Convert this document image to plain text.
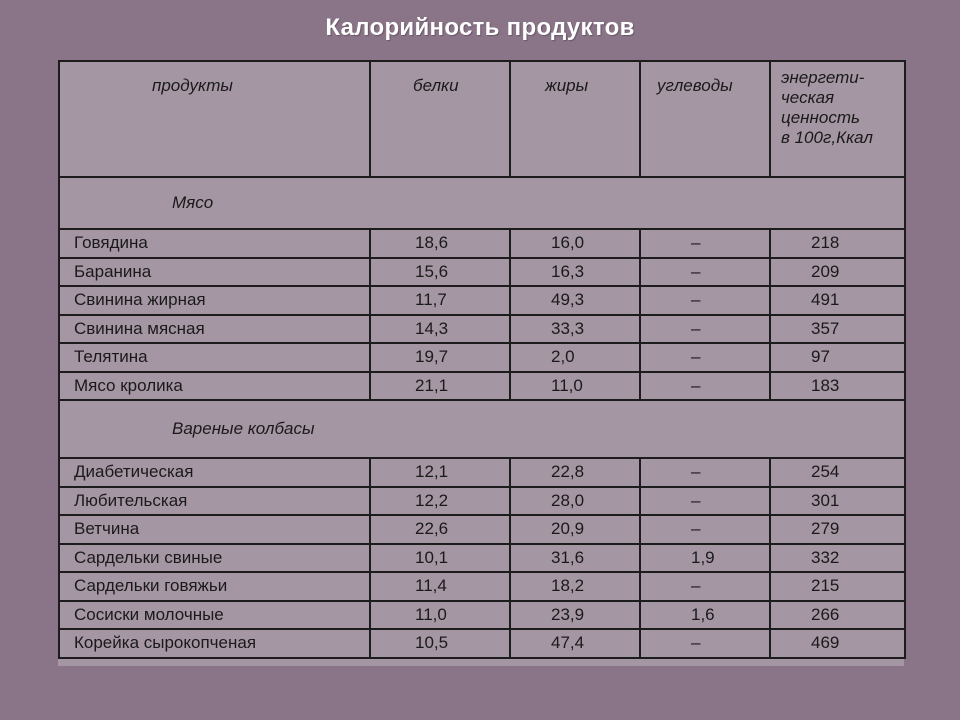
Калорийность продуктов
продукты	белки	жиры	углеводы	энергети-
ческая
ценность
в 100г,Ккал
Мясо				
Говядина	18,6	16,0	–	218
Баранина	15,6	16,3	–	209
Свинина жирная	11,7	49,3	–	491
Свинина мясная	14,3	33,3	–	357
Телятина	19,7	2,0	–	97
Мясо кролика	21,1	11,0	–	183
Вареные колбасы				
Диабетическая	12,1	22,8	–	254
Любительская	12,2	28,0	–	301
Ветчина	22,6	20,9	–	279
Сардельки свиные	10,1	31,6	1,9	332
Сардельки говяжьи	11,4	18,2	–	215
Сосиски молочные	11,0	23,9	1,6	266
Корейка сырокопченая	10,5	47,4	–	469
